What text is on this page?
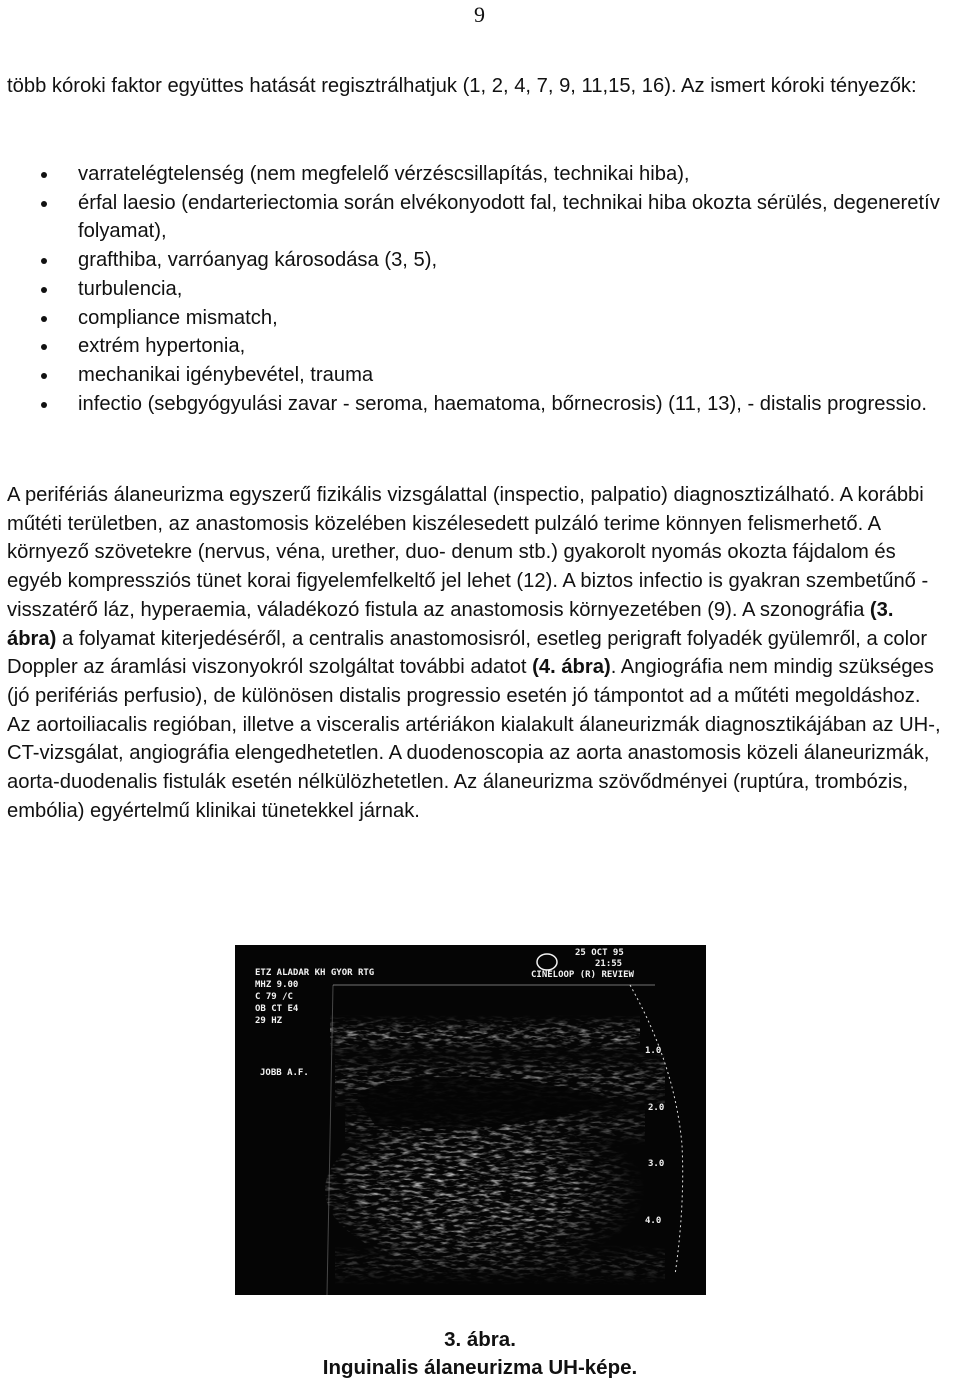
9

több kóroki faktor együttes hatását regisztrálhatjuk (1, 2, 4, 7, 9, 11,15, 16). Az ismert kóroki tényezők:

varratelégtelenség (nem megfelelő vérzéscsillapítás, technikai hiba),
érfal laesio (endarteriectomia során elvékonyodott fal, technikai hiba okozta sérülés, degeneretív folyamat),
grafthiba, varróanyag károsodása (3, 5),
turbulencia,
compliance mismatch,
extrém hypertonia,
mechanikai igénybevétel, trauma
infectio (sebgyógyulási zavar - seroma, haematoma, bőrnecrosis) (11, 13), - distalis progressio.

A perifériás álaneurizma egyszerű fizikális vizsgálattal (inspectio, palpatio) diagnosztizálható. A korábbi műtéti területben, az anastomosis közelében kiszélesedett pulzáló terime könnyen felismerhető. A környező szövetekre (nervus, véna, urether, duo- denum stb.) gyakorolt nyomás okozta fájdalom és egyéb kompressziós tünet korai figyelemfelkeltő jel lehet (12). A biztos infectio is gyakran szembetűnő - visszatérő láz, hyperaemia, váladékozó fistula az anastomosis környezetében (9). A szonográfia (3. ábra) a folyamat kiterjedéséről, a centralis anastomosisról, esetleg perigraft folyadék gyülemről, a color Doppler az áramlási viszonyokról szolgáltat további adatot (4. ábra). Angiográfia nem mindig szükséges (jó perifériás perfusio), de különösen distalis progressio esetén jó támpontot ad a műtéti megoldáshoz. Az aortoiliacalis regióban, illetve a visceralis artériákon kialakult álaneurizmák diagnosztikájában az UH-, CT-vizsgálat, angiográfia elengedhetetlen. A duodenoscopia az aorta anastomosis közeli álaneurizmák, aorta-duodenalis fistulák esetén nélkülözhetetlen. Az álaneurizma szövődményei (ruptúra, trombózis, embólia) egyértelmű klinikai tünetekkel járnak.

1.0
2.0
3.0
4.0
ETZ ALADAR KH GYOR RTG
MHZ 9.00
C 79 /C
OB CT E4
29 HZ
JOBB A.F.
25 OCT 95
21:55
CINELOOP (R) REVIEW
3. ábra.
Inguinalis álaneurizma UH-képe.
